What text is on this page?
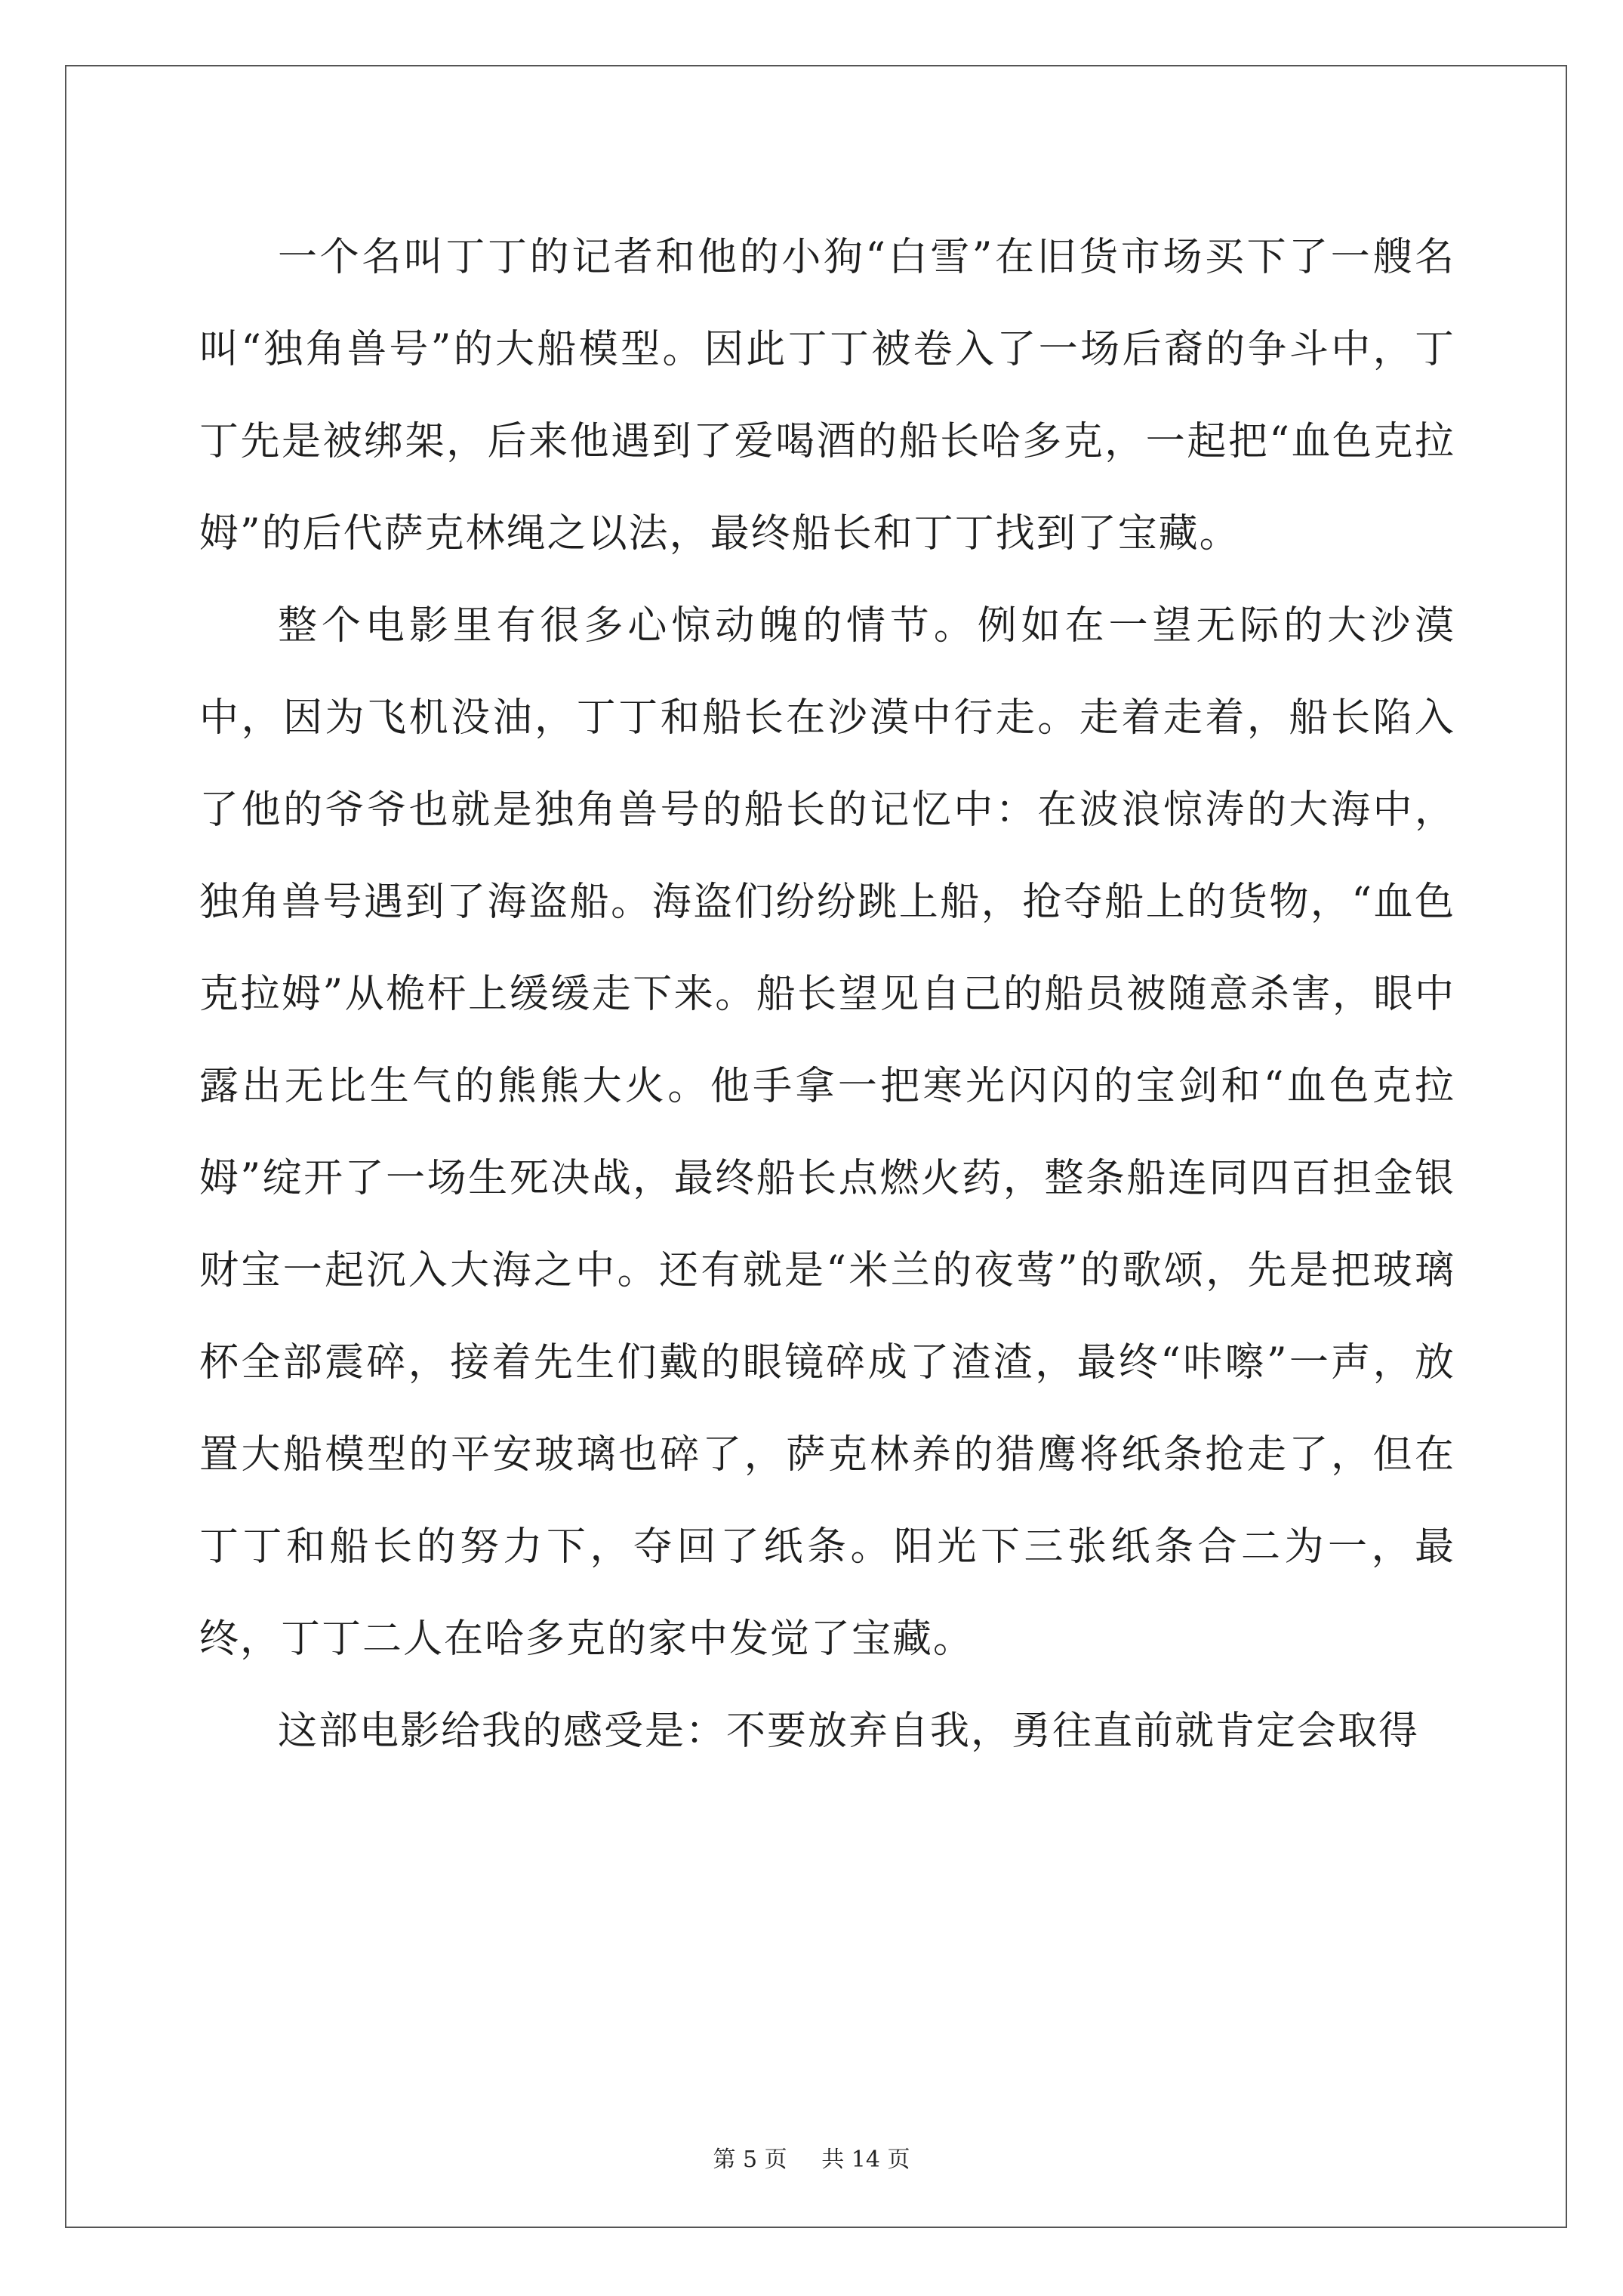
一个名叫丁丁的记者和他的小狗“白雪”在旧货市场买下了一艘名叫“独角兽号”的大船模型。因此丁丁被卷入了一场后裔的争斗中，丁丁先是被绑架，后来他遇到了爱喝酒的船长哈多克，一起把“血色克拉姆”的后代萨克林绳之以法，最终船长和丁丁找到了宝藏。

整个电影里有很多心惊动魄的情节。例如在一望无际的大沙漠中，因为飞机没油，丁丁和船长在沙漠中行走。走着走着，船长陷入了他的爷爷也就是独角兽号的船长的记忆中：在波浪惊涛的大海中，独角兽号遇到了海盗船。海盗们纷纷跳上船，抢夺船上的货物，“血色克拉姆”从桅杆上缓缓走下来。船长望见自己的船员被随意杀害，眼中露出无比生气的熊熊大火。他手拿一把寒光闪闪的宝剑和“血色克拉姆”绽开了一场生死决战，最终船长点燃火药，整条船连同四百担金银财宝一起沉入大海之中。还有就是“米兰的夜莺”的歌颂，先是把玻璃杯全部震碎，接着先生们戴的眼镜碎成了渣渣，最终“咔嚓”一声，放置大船模型的平安玻璃也碎了，萨克林养的猎鹰将纸条抢走了，但在丁丁和船长的努力下，夺回了纸条。阳光下三张纸条合二为一，最终，丁丁二人在哈多克的家中发觉了宝藏。

这部电影给我的感受是：不要放弃自我，勇往直前就肯定会取得

第 5 页 共 14 页
